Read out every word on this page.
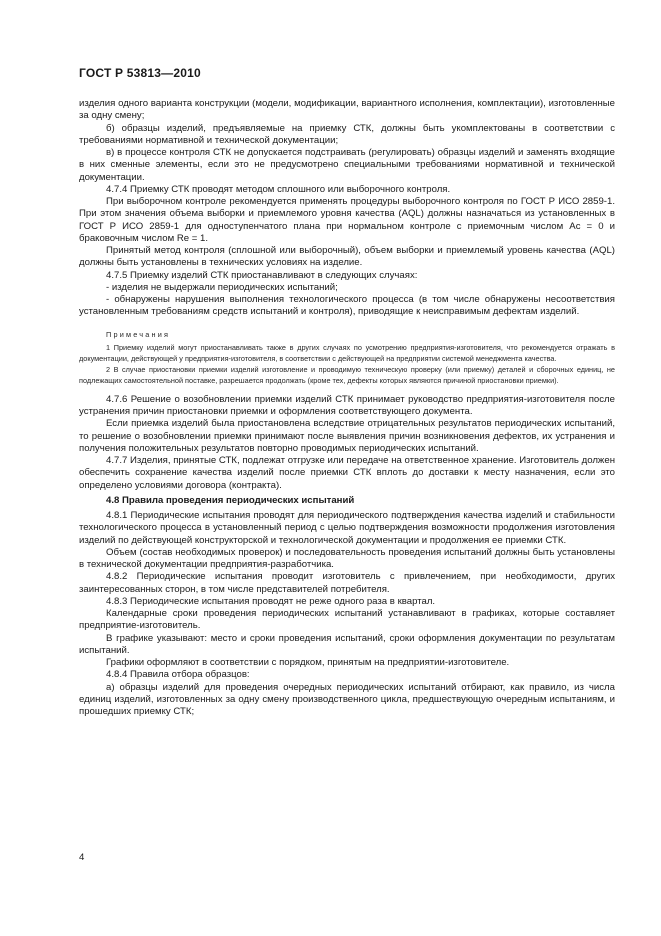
ГОСТ Р 53813—2010

изделия одного варианта конструкции (модели, модификации, вариантного исполнения, комплектации), изготовленные за одну смену;

б) образцы изделий, предъявляемые на приемку СТК, должны быть укомплектованы в соответствии с требованиями нормативной и технической документации;

в) в процессе контроля СТК не допускается подстраивать (регулировать) образцы изделий и заменять входящие в них сменные элементы, если это не предусмотрено специальными требованиями нормативной и технической документации.

4.7.4 Приемку СТК проводят методом сплошного или выборочного контроля.

При выборочном контроле рекомендуется применять процедуры выборочного контроля по ГОСТ Р ИСО 2859-1. При этом значения объема выборки и приемлемого уровня качества (AQL) должны назначаться из установленных в ГОСТ Р ИСО 2859-1 для одноступенчатого плана при нормальном контроле с приемочным числом Ac = 0 и браковочным числом Re = 1.

Принятый метод контроля (сплошной или выборочный), объем выборки и приемлемый уровень качества (AQL) должны быть установлены в технических условиях на изделие.

4.7.5 Приемку изделий СТК приостанавливают в следующих случаях:

- изделия не выдержали периодических испытаний;

- обнаружены нарушения выполнения технологического процесса (в том числе обнаружены несоответствия установленным требованиям средств испытаний и контроля), приводящие к неисправимым дефектам изделий.

Примечания

1 Приемку изделий могут приостанавливать также в других случаях по усмотрению предприятия-изготовителя, что рекомендуется отражать в документации, действующей у предприятия-изготовителя, в соответствии с действующей на предприятии системой менеджмента качества.

2 В случае приостановки приемки изделий изготовление и проводимую техническую проверку (или приемку) деталей и сборочных единиц, не подлежащих самостоятельной поставке, разрешается продолжать (кроме тех, дефекты которых являются причиной приостановки приемки).

4.7.6 Решение о возобновлении приемки изделий СТК принимает руководство предприятия-изготовителя после устранения причин приостановки приемки и оформления соответствующего документа.

Если приемка изделий была приостановлена вследствие отрицательных результатов периодических испытаний, то решение о возобновлении приемки принимают после выявления причин возникновения дефектов, их устранения и получения положительных результатов повторно проводимых периодических испытаний.

4.7.7 Изделия, принятые СТК, подлежат отгрузке или передаче на ответственное хранение. Изготовитель должен обеспечить сохранение качества изделий после приемки СТК вплоть до доставки к месту назначения, если это определено условиями договора (контракта).

4.8 Правила проведения периодических испытаний

4.8.1 Периодические испытания проводят для периодического подтверждения качества изделий и стабильности технологического процесса в установленный период с целью подтверждения возможности продолжения изготовления изделий по действующей конструкторской и технологической документации и продолжения ее приемки СТК.

Объем (состав необходимых проверок) и последовательность проведения испытаний должны быть установлены в технической документации предприятия-разработчика.

4.8.2 Периодические испытания проводит изготовитель с привлечением, при необходимости, других заинтересованных сторон, в том числе представителей потребителя.

4.8.3 Периодические испытания проводят не реже одного раза в квартал.

Календарные сроки проведения периодических испытаний устанавливают в графиках, которые составляет предприятие-изготовитель.

В графике указывают: место и сроки проведения испытаний, сроки оформления документации по результатам испытаний.

Графики оформляют в соответствии с порядком, принятым на предприятии-изготовителе.

4.8.4 Правила отбора образцов:

а) образцы изделий для проведения очередных периодических испытаний отбирают, как правило, из числа единиц изделий, изготовленных за одну смену производственного цикла, предшествующую очередным испытаниям, и прошедших приемку СТК;

4
